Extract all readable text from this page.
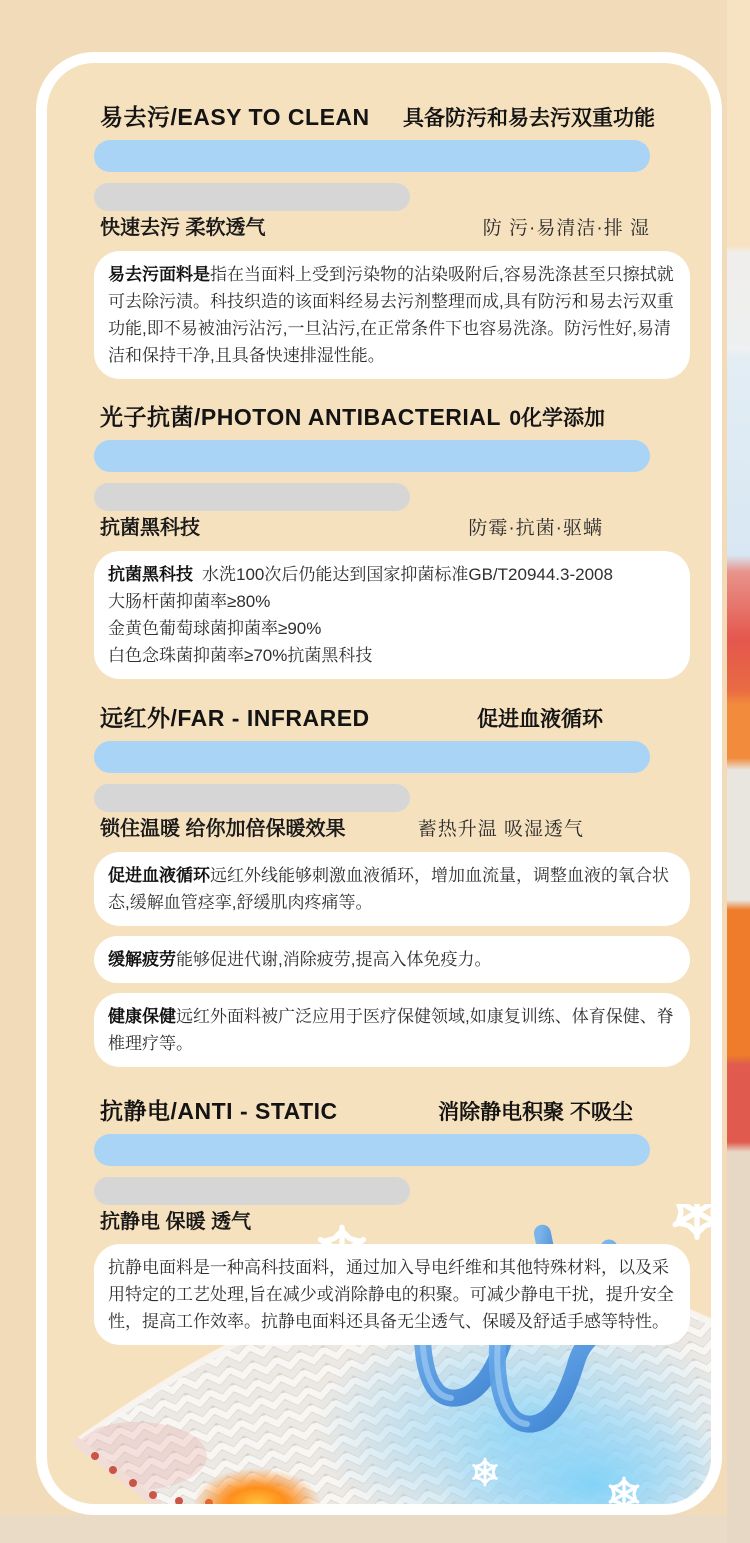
易去污/EASY TO CLEAN 具备防污和易去污双重功能
快速去污 柔软透气	防 污·易清洁·排 湿

易去污面料是指在当面料上受到污染物的沾染吸附后,容易洗涤甚至只擦拭就可去除污渍。科技织造的该面料经易去污剂整理而成,具有防污和易去污双重功能,即不易被油污沾污,一旦沾污,在正常条件下也容易洗涤。防污性好,易清洁和保持干净,且具备快速排湿性能。

光子抗菌/PHOTON ANTIBACTERIAL 0化学添加
抗菌黑科技	防霉·抗菌·驱螨
抗菌黑科技 水洗100次后仍能达到国家抑菌标准GB/T20944.3-2008
大肠杆菌抑菌率≥80%
金黄色葡萄球菌抑菌率≥90%
白色念珠菌抑菌率≥70%抗菌黑科技
远红外/FAR - INFRARED	促进血液循环
锁住温暖 给你加倍保暖效果	蓄热升温 吸湿透气

促进血液循环远红外线能够刺激血液循环，增加血流量，调整血液的氧合状态,缓解血管痉挛,舒缓肌肉疼痛等。

缓解疲劳能够促进代谢,消除疲劳,提高入体免疫力。

健康保健远红外面料被广泛应用于医疗保健领域,如康复训练、体育保健、脊椎理疗等。

抗静电/ANTI - STATIC	消除静电积聚 不吸尘
抗静电 保暖 透气

抗静电面料是一种高科技面料，通过加入导电纤维和其他特殊材料，以及采用特定的工艺处理,旨在减少或消除静电的积聚。可减少静电干扰，提升安全性，提高工作效率。抗静电面料还具备无尘透气、保暖及舒适手感等特性。
